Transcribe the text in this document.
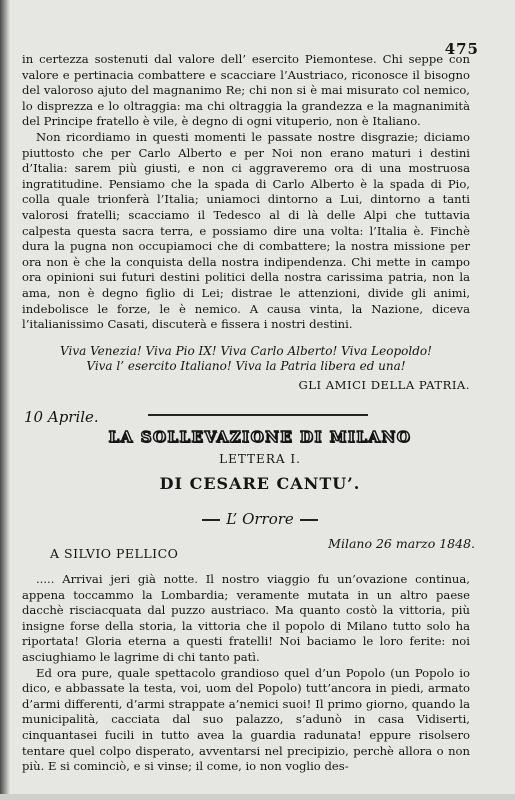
475

in certezza sostenuti dal valore dell’ esercito Piemontese. Chi seppe con valore e pertinacia combattere e scacciare l’Austriaco, riconosce il bisogno del valoroso ajuto del magnanimo Re; chi non si è mai misurato col nemico, lo disprezza e lo oltraggia: ma chi oltraggia la grandezza e la magnanimità del Principe fratello è vile, è degno di ogni vituperio, non è Italiano.

Non ricordiamo in questi momenti le passate nostre disgrazie; diciamo piuttosto che per Carlo Alberto e per Noi non erano maturi i destini d’Italia: sarem più giusti, e non ci aggraveremo ora di una mostruosa ingratitudine. Pensiamo che la spada di Carlo Alberto è la spada di Pio, colla quale trionferà l’Italia; uniamoci dintorno a Lui, dintorno a tanti valorosi fratelli; scacciamo il Tedesco al di là delle Alpi che tuttavia calpesta questa sacra terra, e possiamo dire una volta: l’Italia è. Finchè dura la pugna non occupiamoci che di combattere; la nostra missione per ora non è che la conquista della nostra indipendenza. Chi mette in campo ora opinioni sui futuri destini politici della nostra carissima patria, non la ama, non è degno figlio di Lei; distrae le attenzioni, divide gli animi, indebolisce le forze, le è nemico. A causa vinta, la Nazione, diceva l’italianissimo Casati, discuterà e fissera i nostri destini.

Viva Venezia! Viva Pio IX! Viva Carlo Alberto! Viva Leopoldo!
Viva l’ esercito Italiano! Viva la Patria libera ed una!
GLI AMICI DELLA PATRIA.
10 Aprile.
LA SOLLEVAZIONE DI MILANO
LETTERA I.
DI CESARE CANTU’.
L’ Orrore
Milano 26 marzo 1848.
A SILVIO PELLICO

..... Arrivai jeri già notte. Il nostro viaggio fu un’ovazione continua, appena toccammo la Lombardia; veramente mutata in un altro paese dacchè risciacquata dal puzzo austriaco. Ma quanto costò la vittoria, più insigne forse della storia, la vittoria che il popolo di Milano tutto solo ha riportata! Gloria eterna a questi fratelli! Noi baciamo le loro ferite: noi asciughiamo le lagrime di chi tanto patì.

Ed ora pure, quale spettacolo grandioso quel d’un Popolo (un Popolo io dico, e abbassate la testa, voi, uom del Popolo) tutt’ancora in piedi, armato d’armi differenti, d’armi strappate a’nemici suoi! Il primo giorno, quando la municipalità, cacciata dal suo palazzo, s’adunò in casa Vidiserti, cinquantasei fucili in tutto avea la guardia radunata! eppure risolsero tentare quel colpo disperato, avventarsi nel precipizio, perchè allora o non più. E si cominciò, e si vinse; il come, io non voglio des-
